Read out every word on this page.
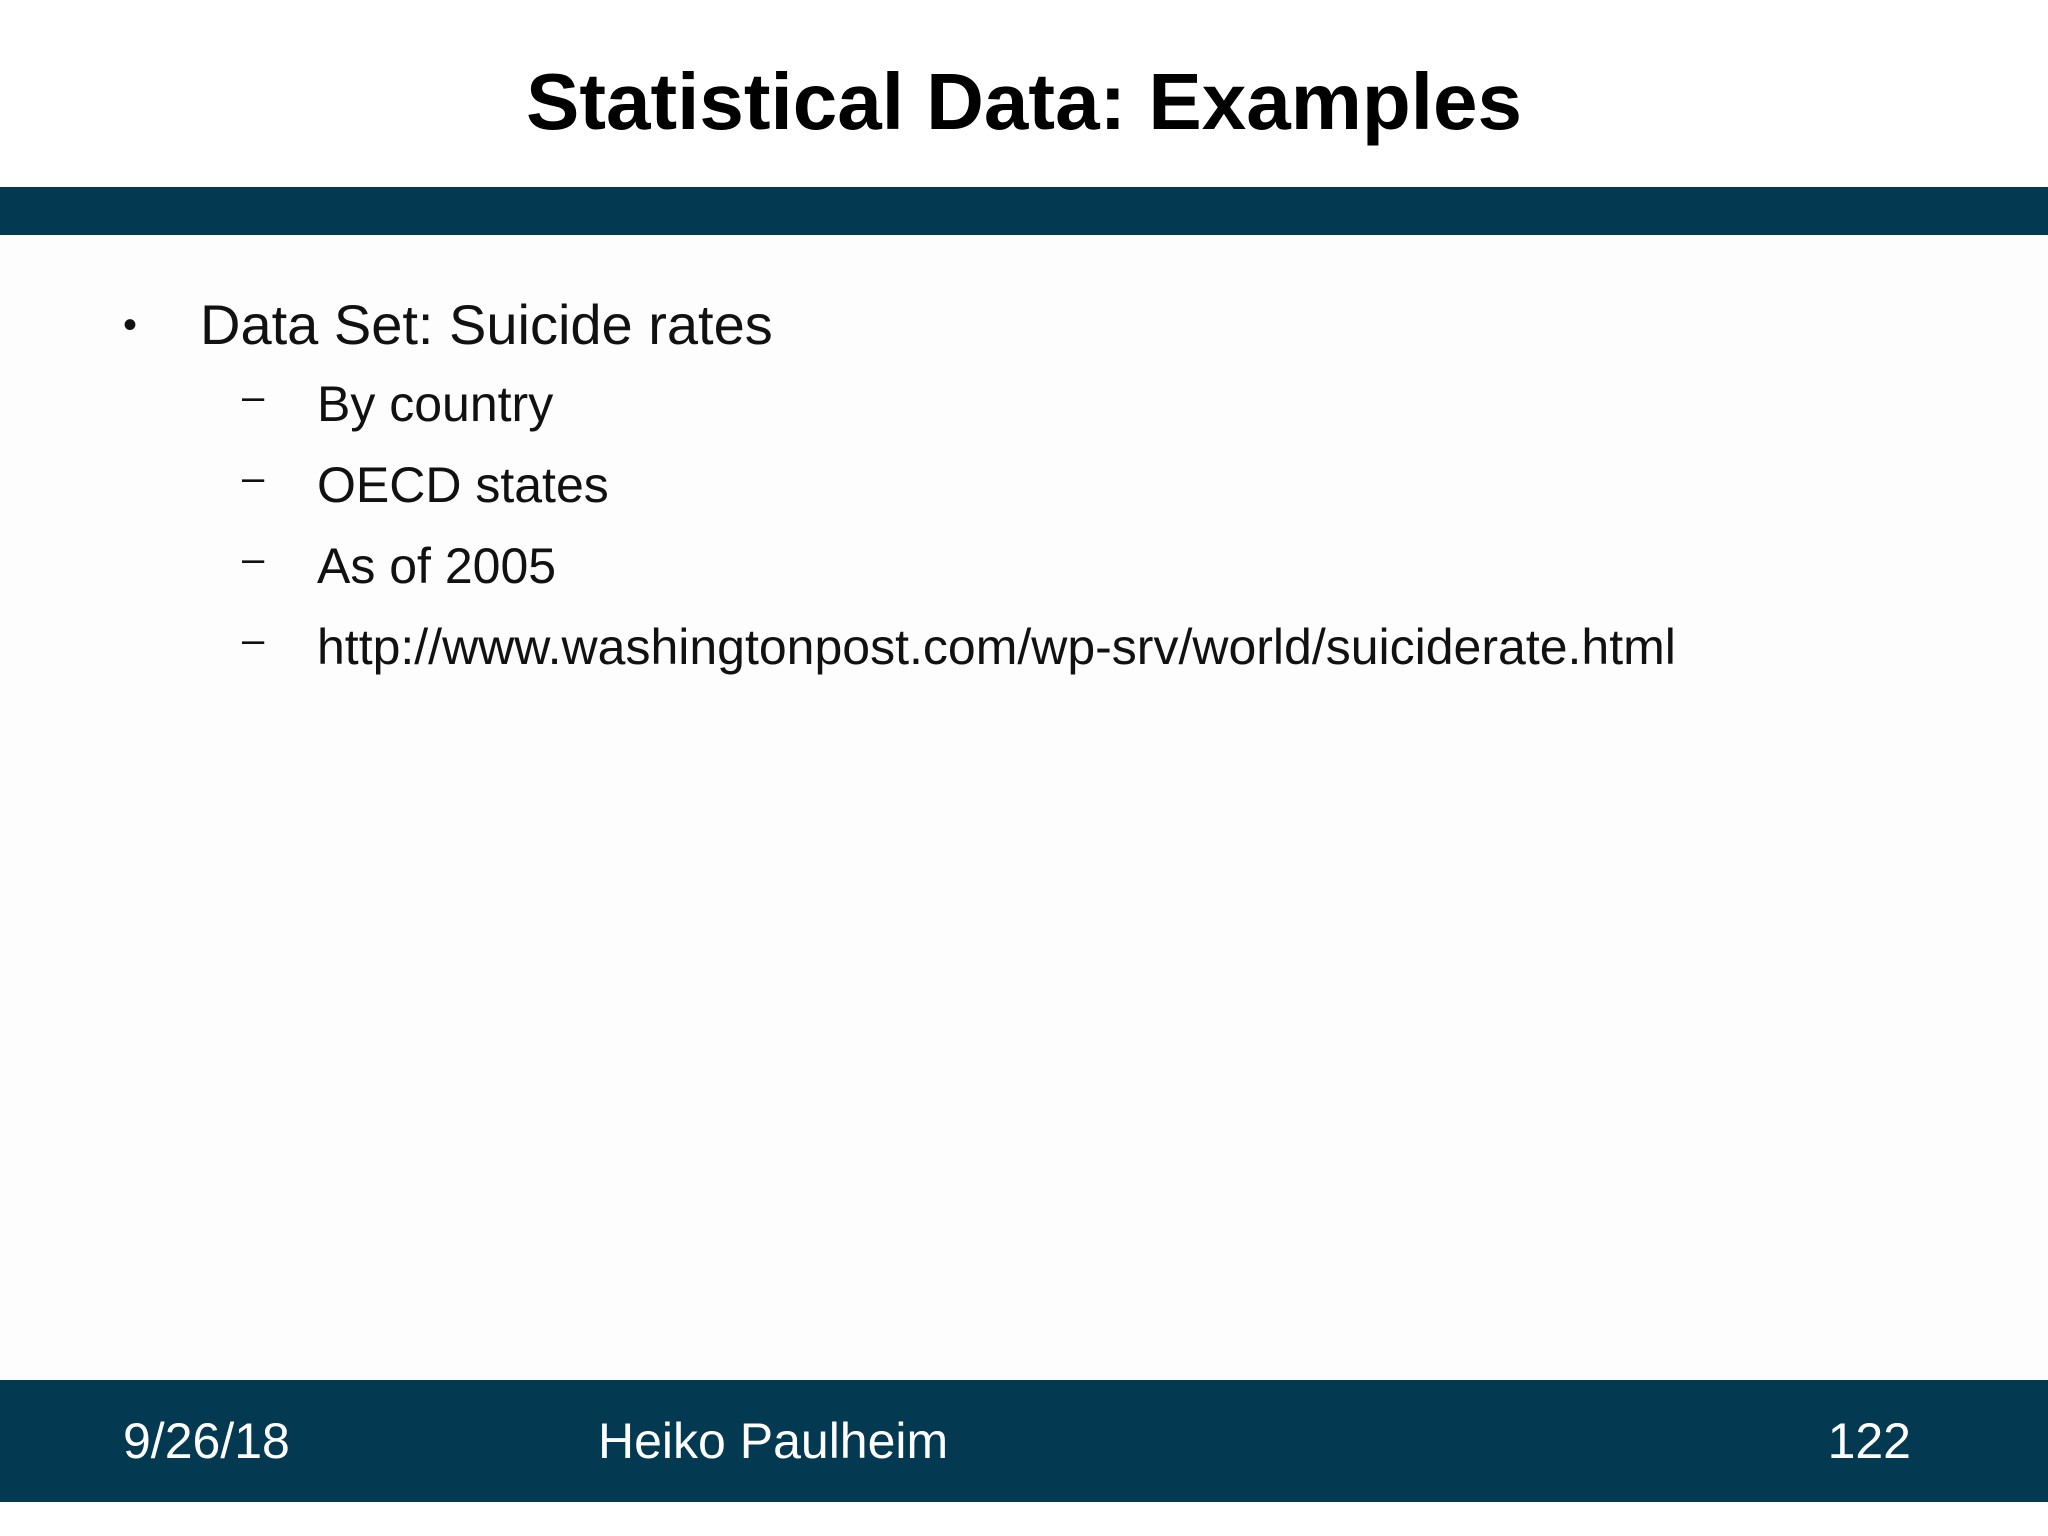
Statistical Data: Examples
• Data Set: Suicide rates
– By country
– OECD states
– As of 2005
– http://www.washingtonpost.com/wp-srv/world/suiciderate.html
9/26/18	Heiko Paulheim	122
